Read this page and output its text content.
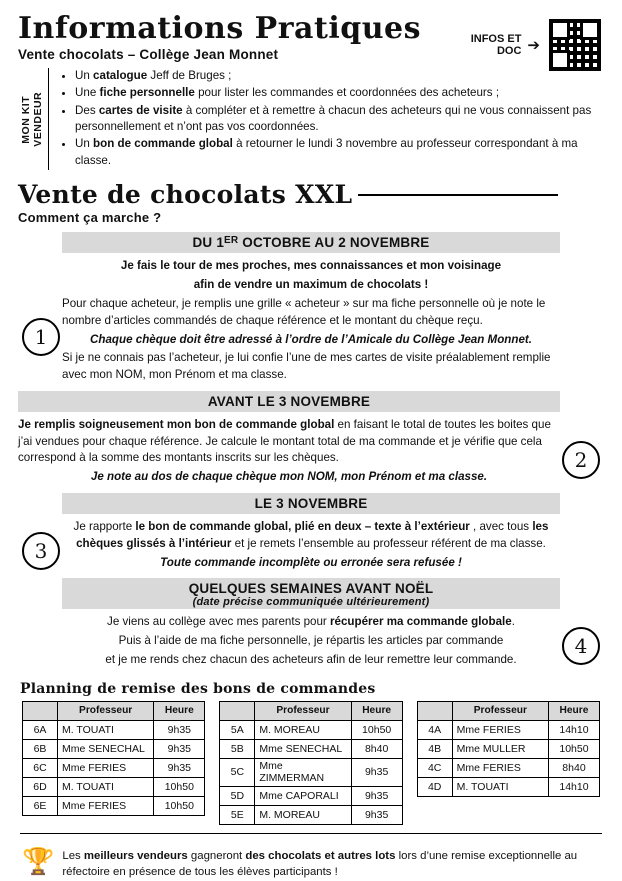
Informations Pratiques
Vente chocolats – Collège Jean Monnet
INFOS ET
DOC ➔
MON KIT
VENDEUR
• Un catalogue Jeff de Bruges ;
• Une fiche personnelle pour lister les commandes et coordonnées des acheteurs ;
• Des cartes de visite à compléter et à remettre à chacun des acheteurs qui ne vous connaissent pas personnellement et n’ont pas vos coordonnées.
• Un bon de commande global à retourner le lundi 3 novembre au professeur correspondant à ma classe.
Vente de chocolats XXL
Comment ça marche ?
1
2
3
4
DU 1ER OCTOBRE AU 2 NOVEMBRE
Je fais le tour de mes proches, mes connaissances et mon voisinage
afin de vendre un maximum de chocolats !
Pour chaque acheteur, je remplis une grille « acheteur » sur ma fiche personnelle où je note le nombre d’articles commandés de chaque référence et le montant du chèque reçu.
Chaque chèque doit être adressé à l’ordre de l’Amicale du Collège Jean Monnet.
Si je ne connais pas l’acheteur, je lui confie l’une de mes cartes de visite préalablement remplie avec mon NOM, mon Prénom et ma classe.
AVANT LE 3 NOVEMBRE
Je remplis soigneusement mon bon de commande global en faisant le total de toutes les boites que j’ai vendues pour chaque référence. Je calcule le montant total de ma commande et je vérifie que cela correspond à la somme des montants inscrits sur les chèques.
Je note au dos de chaque chèque mon NOM, mon Prénom et ma classe.
LE 3 NOVEMBRE
Je rapporte le bon de commande global, plié en deux – texte à l’extérieur , avec tous les chèques glissés à l’intérieur et je remets l’ensemble au professeur référent de ma classe.
Toute commande incomplète ou erronée sera refusée !
QUELQUES SEMAINES AVANT NOËL
(date précise communiquée ultérieurement)
Je viens au collège avec mes parents pour récupérer ma commande globale.
Puis à l’aide de ma fiche personnelle, je répartis les articles par commande
et je me rends chez chacun des acheteurs afin de leur remettre leur commande.
Planning de remise des bons de commandes
	Professeur	Heure
6A	M. TOUATI	9h35
6B	Mme SENECHAL	9h35
6C	Mme FERIES	9h35
6D	M. TOUATI	10h50
6E	Mme FERIES	10h50
	Professeur	Heure
5A	M. MOREAU	10h50
5B	Mme SENECHAL	8h40
5C	Mme ZIMMERMAN	9h35
5D	Mme CAPORALI	9h35
5E	M. MOREAU	9h35
	Professeur	Heure
4A	Mme FERIES	14h10
4B	Mme MULLER	10h50
4C	Mme FERIES	8h40
4D	M. TOUATI	14h10
🏆 Les meilleurs vendeurs gagneront des chocolats et autres lots lors d’une remise exceptionnelle au réfectoire en présence de tous les élèves participants !
